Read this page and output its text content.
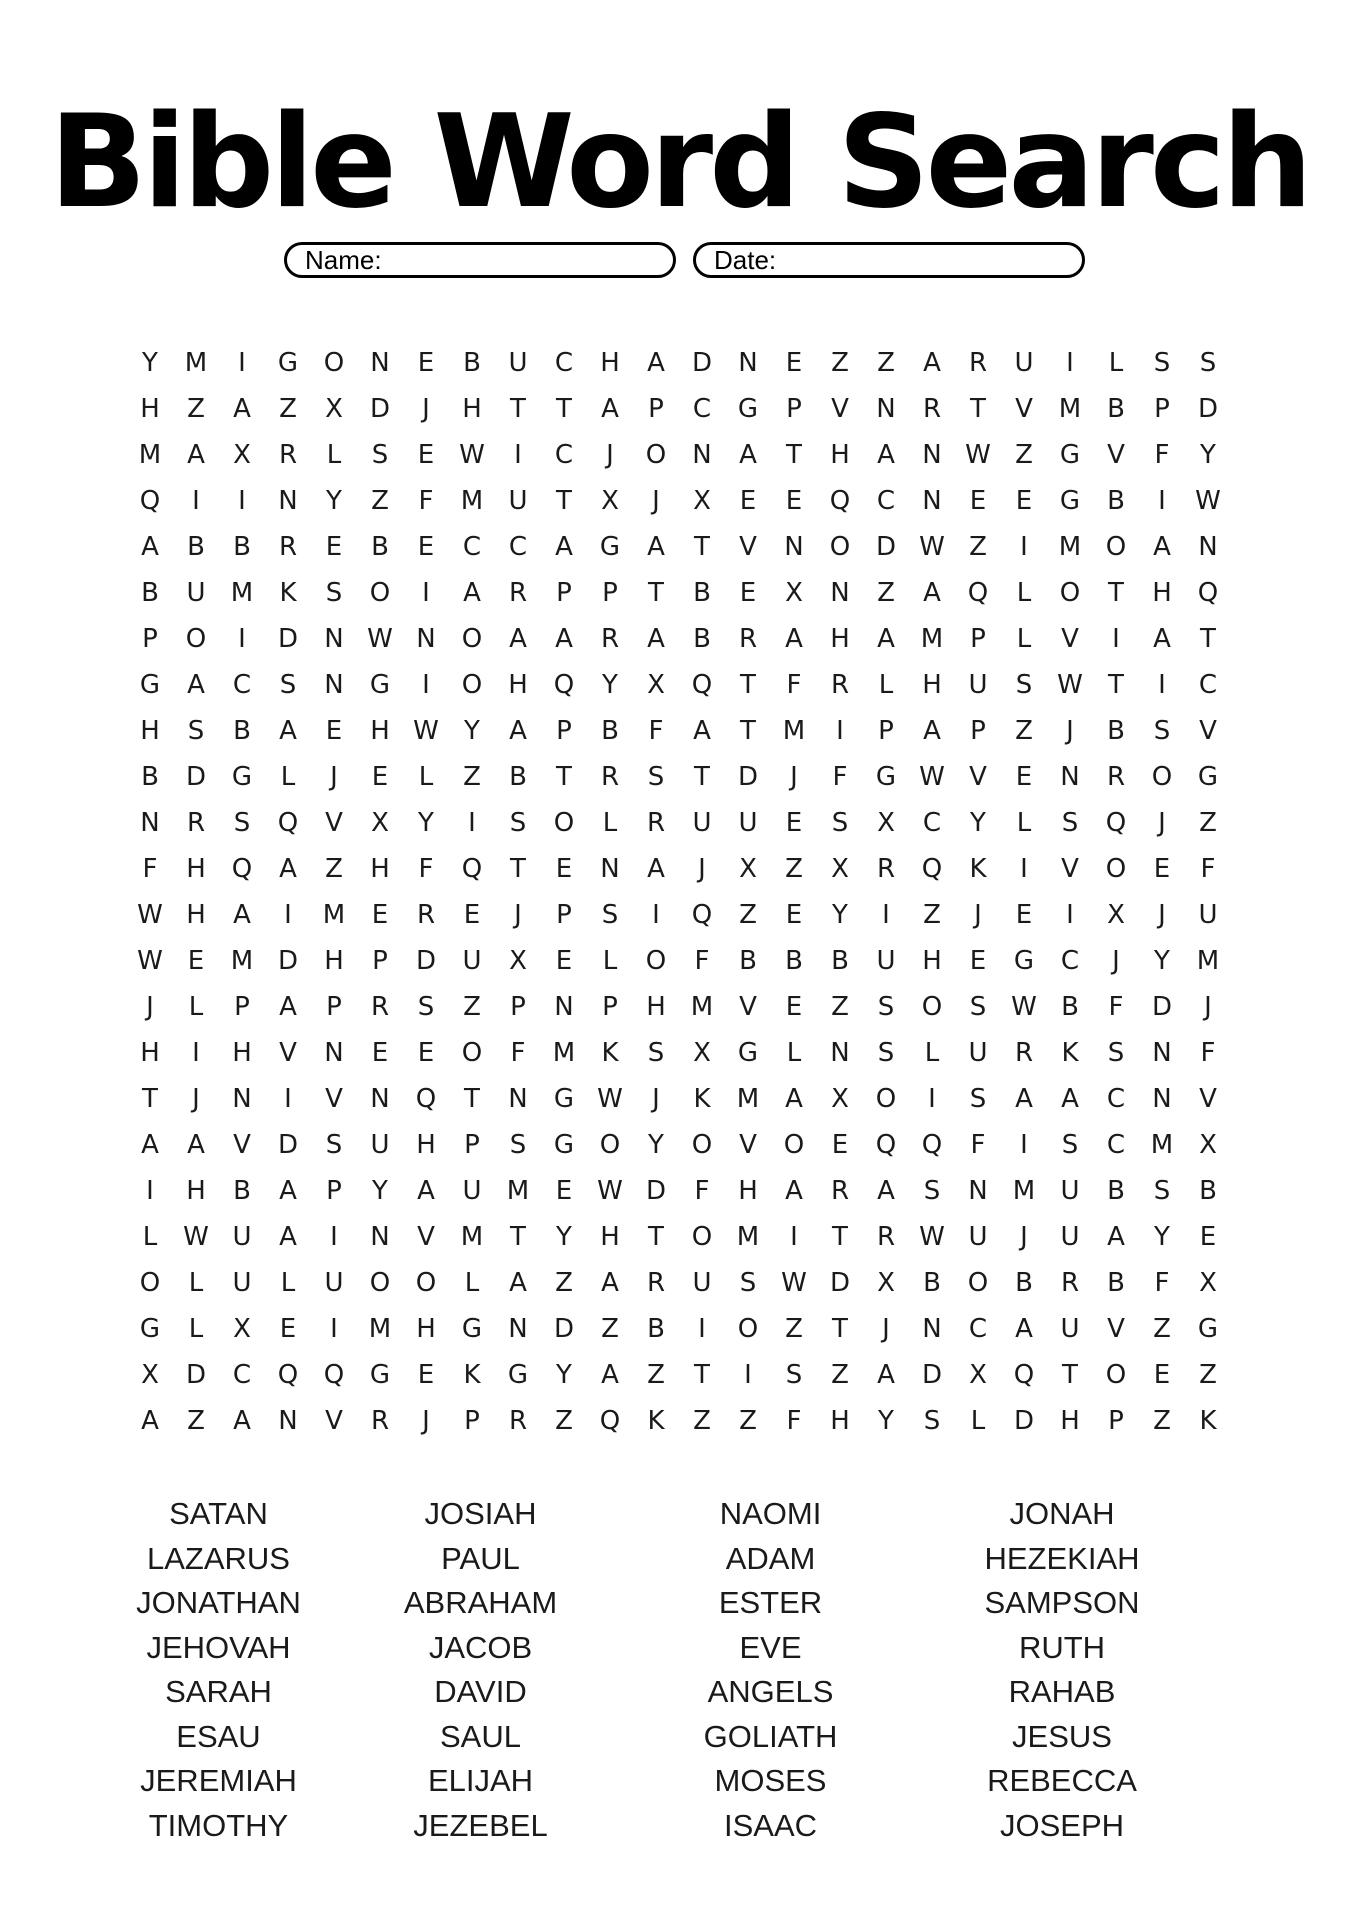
Bible Word Search
Name:	Date:
Y	M	I	G O	N	E	B	U	C	H	A	D	N	E	Z	Z	A	R	U	I	L	S	S
H	Z	A	Z	X	D	J	H	T	T	A	P	C	G	P	V	N	R	T	V M B	P	D
M A	X	R	L	S	E W	I	C	J	O	N	A	T	H	A	N W Z	G	V	F	Y
Q	I	I	N	Y	Z	F	M U	T	X	J	X	E	E	Q	C	N	E	E	G	B	I	W
A	B	B	R	E	B	E	C	C	A	G	A	T	V	N	O D W Z	I	M O	A	N
B	U M	K	S	O	I	A	R	P	P	T	B	E	X	N	Z	A	Q	L	O	T	H Q
P	O	I	D	N W N	O	A	A	R	A	B	R	A	H	A M	P	L	V	I	A	T
G	A	C	S	N	G	I	O H Q	Y	X	Q	T	F	R	L	H	U	S W T	I	C
H	S	B	A	E	H W Y	A	P	B	F	A	T	M	I	P	A	P	Z	J	B	S	V
B	D G	L	J	E	L	Z	B	T	R	S	T	D	J	F	G W V	E	N	R	O G
N	R	S	Q	V	X	Y	I	S	O	L	R	U	U	E	S	X	C	Y	L	S	Q	J	Z
F	H Q	A	Z	H	F	Q	T	E	N	A	J	X	Z	X	R	Q	K	I	V	O	E	F
W H	A	I	M	E	R	E	J	P	S	I	Q	Z	E	Y	I	Z	J	E	I	X	J	U
W E	M D	H	P	D	U	X	E	L	O	F	B	B	B	U	H	E	G	C	J	Y	M
J	L	P	A	P	R	S	Z	P	N	P	H M V	E	Z	S	O	S W B	F	D	J
H	I	H	V	N	E	E	O	F	M	K	S	X	G	L	N	S	L	U	R	K	S	N	F
T	J	N	I	V	N	Q	T	N	G W	J	K	M A	X	O	I	S	A	A	C	N	V
A	A	V	D	S	U	H	P	S	G O	Y	O	V	O	E	Q Q	F	I	S	C M X
I	H	B	A	P	Y	A	U M	E W D	F	H	A	R	A	S	N M U	B	S	B
L W U	A	I	N	V M	T	Y	H	T	O M	I	T	R W U	J	U	A	Y	E
O	L	U	L	U	O O	L	A	Z	A	R	U	S W D	X	B	O	B	R	B	F	X
G	L	X	E	I	M H	G	N	D	Z	B	I	O	Z	T	J	N	C	A	U	V	Z	G
X	D	C	Q Q G	E	K	G	Y	A	Z	T	I	S	Z	A	D	X	Q	T	O	E	Z
A	Z	A	N	V	R	J	P	R	Z	Q	K	Z	Z	F	H	Y	S	L	D	H	P	Z	K
SATAN
LAZARUS
JONATHAN
JEHOVAH
SARAH
ESAU
JEREMIAH
TIMOTHY
JOSIAH
PAUL
ABRAHAM
JACOB
DAVID
SAUL
ELIJAH
JEZEBEL
NAOMI
ADAM
ESTER
EVE
ANGELS
GOLIATH
MOSES
ISAAC
JONAH
HEZEKIAH
SAMPSON
RUTH
RAHAB
JESUS
REBECCA
JOSEPH
